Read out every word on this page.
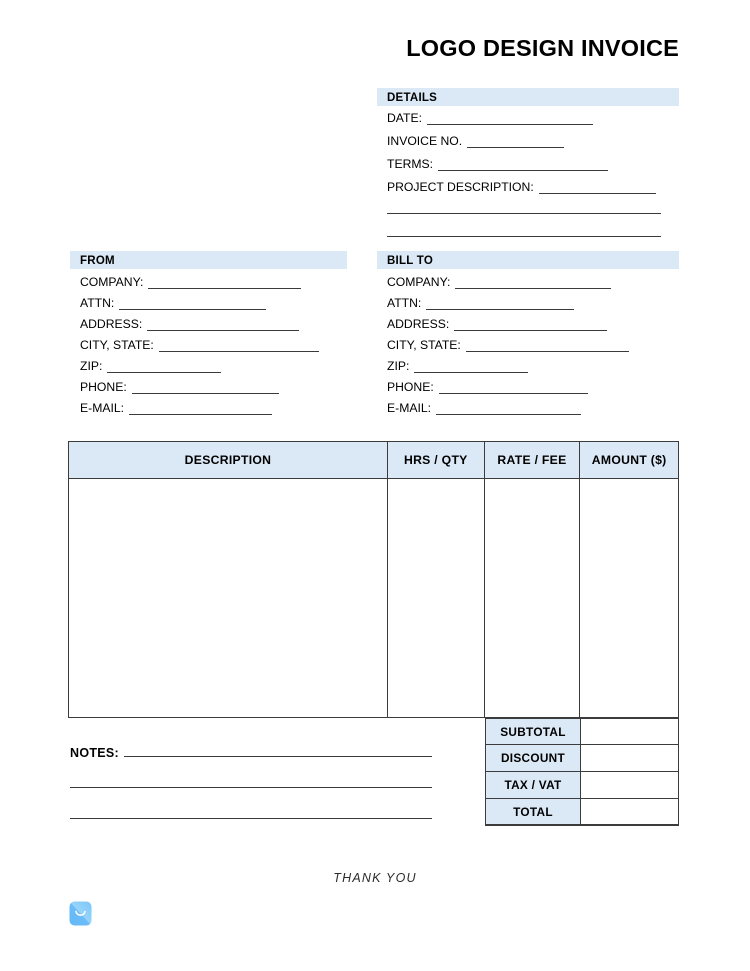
LOGO DESIGN INVOICE
DETAILS
DATE:
INVOICE NO.
TERMS:
PROJECT DESCRIPTION:
FROM
COMPANY:
ATTN:
ADDRESS:
CITY, STATE:
ZIP:
PHONE:
E-MAIL:
BILL TO
COMPANY:
ATTN:
ADDRESS:
CITY, STATE:
ZIP:
PHONE:
E-MAIL:
DESCRIPTION	HRS / QTY	RATE / FEE	AMOUNT ($)
SUBTOTAL
DISCOUNT
TAX / VAT
TOTAL
NOTES:
THANK YOU
